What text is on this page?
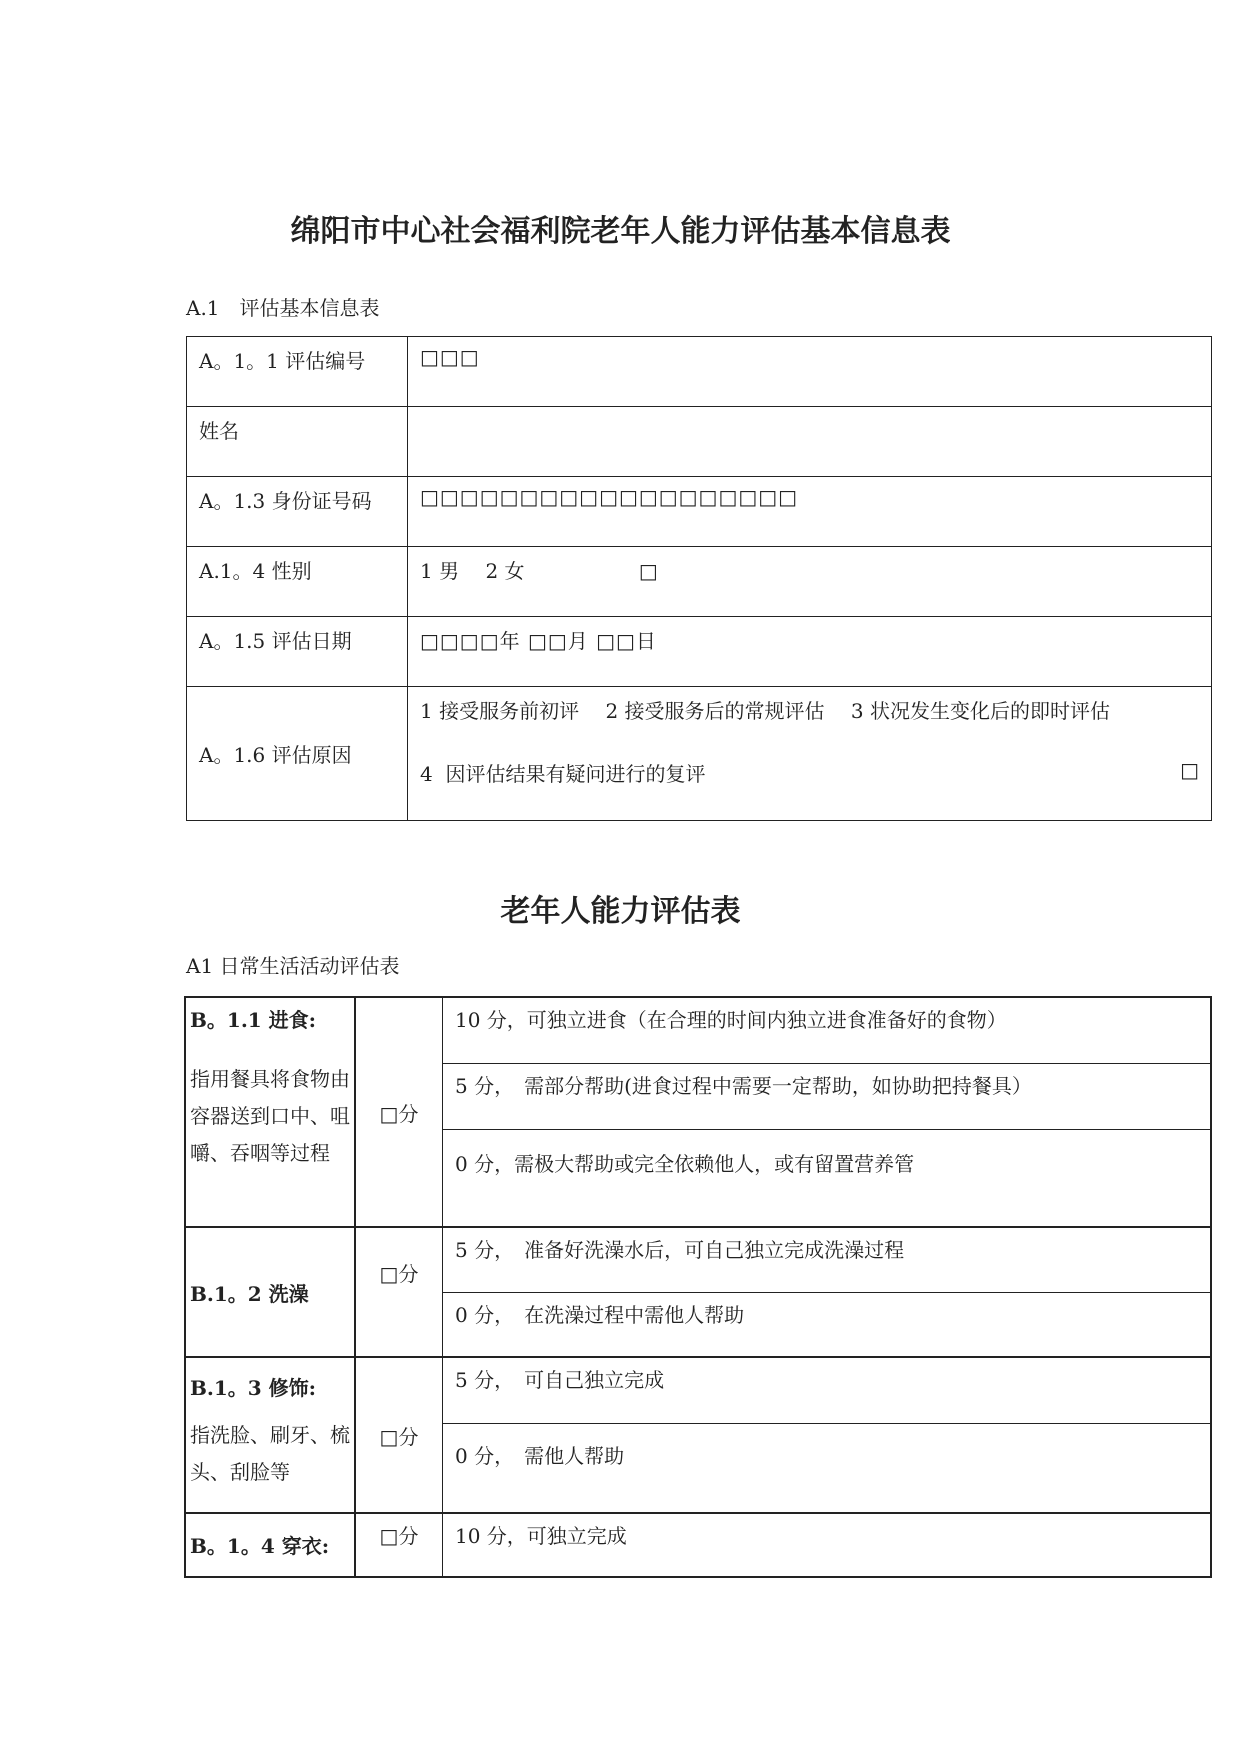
绵阳市中心社会福利院老年人能力评估基本信息表

A.1　评估基本信息表

A。1。1 评估编号	□□□
姓名	
A。1.3 身份证号码	□□□□□□□□□□□□□□□□□□□
A.1。4 性别	1 男　 2 女 □
A。1.5 评估日期	□□□□年 □□月 □□日
A。1.6 评估原因	1 接受服务前初评　 2 接受服务后的常规评估　 3 状况发生变化后的即时评估
4  因评估结果有疑问进行的复评 □
老年人能力评估表

A1 日常生活活动评估表

B。1.1 进食:
指用餐具将食物由容器送到口中、咀嚼、吞咽等过程	□分	10 分，可独立进食（在合理的时间内独立进食准备好的食物）
		5 分，　需部分帮助(进食过程中需要一定帮助，如协助把持餐具）
		0 分，需极大帮助或完全依赖他人，或有留置营养管
B.1。2 洗澡	□分	5 分，　准备好洗澡水后，可自己独立完成洗澡过程
		0 分，　在洗澡过程中需他人帮助

B.1。3 修饰:
指洗脸、刷牙、梳头、刮脸等	□分	5 分，　可自己独立完成
		0 分，　需他人帮助
B。1。4 穿衣:	□分	10 分，可独立完成
